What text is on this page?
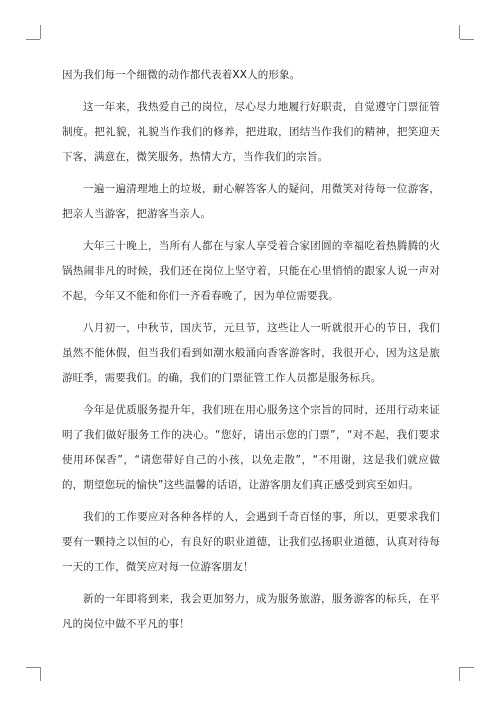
因为我们每一个细微的动作都代表着XX人的形象。

这一年来，我热爱自己的岗位，尽心尽力地履行好职责，自觉遵守门票征管制度。把礼貌，礼貌当作我们的修养，把进取，团结当作我们的精神，把笑迎天下客，满意在，微笑服务，热情大方，当作我们的宗旨。

一遍一遍清理地上的垃圾，耐心解答客人的疑问，用微笑对待每一位游客，把亲人当游客，把游客当亲人。

大年三十晚上，当所有人都在与家人享受着合家团圆的幸福吃着热腾腾的火锅热闹非凡的时候，我们还在岗位上坚守着，只能在心里悄悄的跟家人说一声对不起，今年又不能和你们一齐看春晚了，因为单位需要我。

八月初一，中秋节，国庆节，元旦节，这些让人一听就很开心的节日，我们虽然不能休假，但当我们看到如潮水般涌向香客游客时，我很开心，因为这是旅游旺季，需要我们。的确，我们的门票征管工作人员都是服务标兵。

今年是优质服务提升年，我们班在用心服务这个宗旨的同时，还用行动来证明了我们做好服务工作的决心。“您好，请出示您的门票”，“对不起，我们要求使用环保香”，“请您带好自己的小孩，以免走散”，“不用谢，这是我们就应做的，期望您玩的愉快”这些温馨的话语，让游客朋友们真正感受到宾至如归。

我们的工作要应对各种各样的人，会遇到千奇百怪的事，所以，更要求我们要有一颗持之以恒的心，有良好的职业道德，让我们弘扬职业道德，认真对待每一天的工作，微笑应对每一位游客朋友！

新的一年即将到来，我会更加努力，成为服务旅游，服务游客的标兵，在平凡的岗位中做不平凡的事！
